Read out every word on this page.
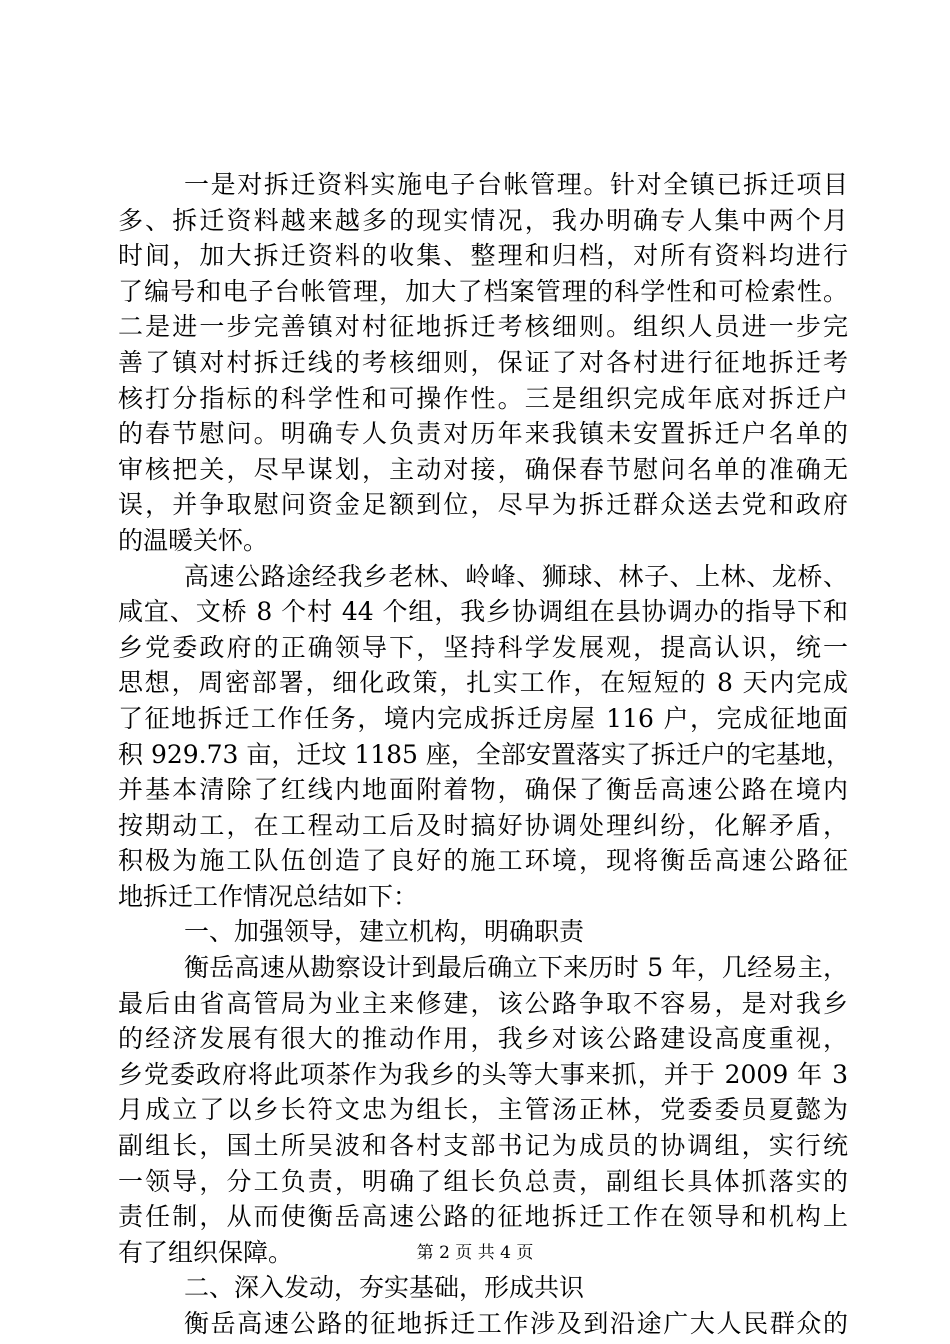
一是对拆迁资料实施电子台帐管理。针对全镇已拆迁项目
多、拆迁资料越来越多的现实情况，我办明确专人集中两个月
时间，加大拆迁资料的收集、整理和归档，对所有资料均进行
了编号和电子台帐管理，加大了档案管理的科学性和可检索性。
二是进一步完善镇对村征地拆迁考核细则。组织人员进一步完
善了镇对村拆迁线的考核细则，保证了对各村进行征地拆迁考
核打分指标的科学性和可操作性。三是组织完成年底对拆迁户
的春节慰问。明确专人负责对历年来我镇未安置拆迁户名单的
审核把关，尽早谋划，主动对接，确保春节慰问名单的准确无
误，并争取慰问资金足额到位，尽早为拆迁群众送去党和政府
的温暖关怀。
高速公路途经我乡老林、岭峰、狮球、林子、上林、龙桥、
咸宜、文桥 8 个村 44 个组，我乡协调组在县协调办的指导下和
乡党委政府的正确领导下，坚持科学发展观，提高认识，统一
思想，周密部署，细化政策，扎实工作，在短短的 8 天内完成
了征地拆迁工作任务，境内完成拆迁房屋 116 户，完成征地面
积 929.73 亩，迁坟 1185 座，全部安置落实了拆迁户的宅基地，
并基本清除了红线内地面附着物，确保了衡岳高速公路在境内
按期动工，在工程动工后及时搞好协调处理纠纷，化解矛盾，
积极为施工队伍创造了良好的施工环境，现将衡岳高速公路征
地拆迁工作情况总结如下：
一、加强领导，建立机构，明确职责
衡岳高速从勘察设计到最后确立下来历时 5 年，几经易主，
最后由省高管局为业主来修建，该公路争取不容易，是对我乡
的经济发展有很大的推动作用，我乡对该公路建设高度重视，
乡党委政府将此项茶作为我乡的头等大事来抓，并于 2009 年 3
月成立了以乡长符文忠为组长，主管汤正林，党委委员夏懿为
副组长，国土所吴波和各村支部书记为成员的协调组，实行统
一领导，分工负责，明确了组长负总责，副组长具体抓落实的
责任制，从而使衡岳高速公路的征地拆迁工作在领导和机构上
有了组织保障。
二、深入发动，夯实基础，形成共识
衡岳高速公路的征地拆迁工作涉及到沿途广大人民群众的
第 2 页 共 4 页
